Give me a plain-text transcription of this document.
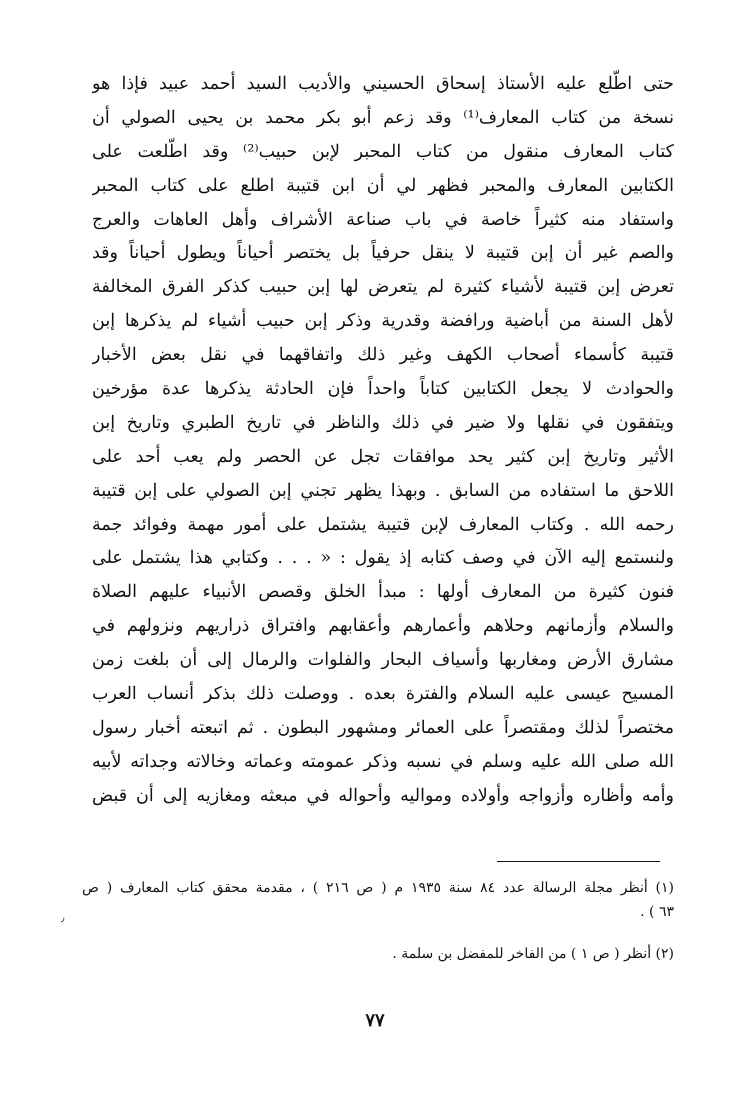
حتى اطّلع عليه الأستاذ إسحاق الحسيني والأديب السيد أحمد عبيد فإذا هو
نسخة من كتاب المعارف⁽¹⁾ وقد زعم أبو بكر محمد بن يحيى الصولي أن
كتاب المعارف منقول من كتاب المحبر لإبن حبيب⁽²⁾ وقد اطّلعت على
الكتابين المعارف والمحبر فظهر لي أن ابن قتيبة اطلع على كتاب المحبر
واستفاد منه كثيراً خاصة في باب صناعة الأشراف وأهل العاهات والعرج
والصم غير أن إبن قتيبة لا ينقل حرفياً بل يختصر أحياناً ويطول أحياناً وقد
تعرض إبن قتيبة لأشياء كثيرة لم يتعرض لها إبن حبيب كذكر الفرق المخالفة
لأهل السنة من أباضية ورافضة وقدرية وذكر إبن حبيب أشياء لم يذكرها إبن
قتيبة كأسماء أصحاب الكهف وغير ذلك واتفاقهما في نقل بعض الأخبار
والحوادث لا يجعل الكتابين كتاباً واحداً فإن الحادثة يذكرها عدة مؤرخين
ويتفقون في نقلها ولا ضير في ذلك والناظر في تاريخ الطبري وتاريخ إبن
الأثير وتاريخ إبن كثير يحد موافقات تجل عن الحصر ولم يعب أحد على
اللاحق ما استفاده من السابق . وبهذا يظهر تجني إبن الصولي على إبن قتيبة
رحمه الله . وكتاب المعارف لإبن قتيبة يشتمل على أمور مهمة وفوائد جمة
ولنستمع إليه الآن في وصف كتابه إذ يقول : « . . . وكتابي هذا يشتمل على
فنون كثيرة من المعارف أولها : مبدأ الخلق وقصص الأنبياء عليهم الصلاة
والسلام وأزمانهم وحلاهم وأعمارهم وأعقابهم وافتراق ذراريهم ونزولهم في
مشارق الأرض ومغاربها وأسياف البحار والفلوات والرمال إلى أن بلغت زمن
المسيح عيسى عليه السلام والفترة بعده . ووصلت ذلك بذكر أنساب العرب
مختصراً لذلك ومقتصراً على العمائر ومشهور البطون . ثم اتبعته أخبار رسول
الله صلى الله عليه وسلم في نسبه وذكر عمومته وعماته وخالاته وجداته لأبيه
وأمه وأظاره وأزواجه وأولاده ومواليه وأحواله في مبعثه ومغازيه إلى أن قبض
(١) أنظر مجلة الرسالة عدد ٨٤ سنة ١٩٣٥ م ( ص ٢١٦ ) ، مقدمة محقق كتاب المعارف ( ص
٦٣ ) .
(٢) أنظر ( ص ١ ) من الفاخر للمفضل بن سلمة .
٫
٧٧
